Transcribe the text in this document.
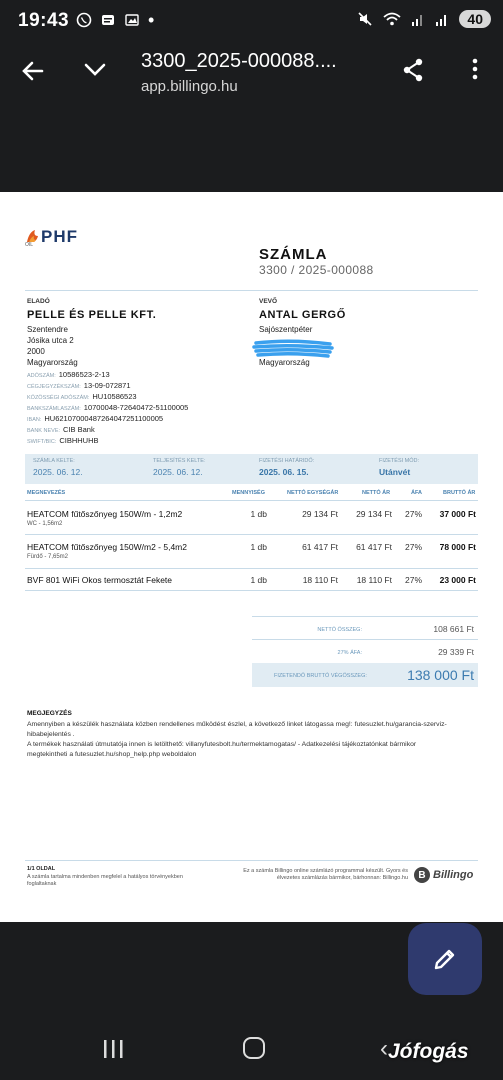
19:43	•	40
3300_2025-000088....
app.billingo.hu
PHF
OIL
SZÁMLA
3300 / 2025-000088
ELADÓ
PELLE ÉS PELLE KFT.
Szentendre
Jósika utca 2
2000
Magyarország
ADÓSZÁM: 10586523-2-13
CÉGJEGYZÉKSZÁM: 13-09-072871
KÖZÖSSÉGI ADÓSZÁM: HU10586523
BANKSZÁMLASZÁM: 10700048-72640472-51100005
IBAN: HU62107000487264047251100005
BANK NEVE: CIB Bank
SWIFT/BIC: CIBHHUHB
VEVŐ
ANTAL GERGŐ
Sajószentpéter
Magyarország
SZÁMLA KELTE:
2025. 06. 12.
TELJESÍTÉS KELTE:
2025. 06. 12.
FIZETÉSI HATÁRIDŐ:
2025. 06. 15.
FIZETÉSI MÓD:
Utánvét
MEGNEVEZÉS	MENNYISÉG	NETTÓ EGYSÉGÁR	NETTÓ ÁR	ÁFA	BRUTTÓ ÁR
HEATCOM fűtőszőnyeg 150W/m - 1,2m2
WC - 1,56m2
1 db	29 134 Ft	29 134 Ft	27%	37 000 Ft
HEATCOM fűtőszőnyeg 150W/m2 - 5,4m2
Fürdő - 7,65m2
1 db	61 417 Ft	61 417 Ft	27%	78 000 Ft
BVF 801 WiFi Okos termosztát Fekete	1 db	18 110 Ft	18 110 Ft	27%	23 000 Ft
NETTÓ ÖSSZEG:	108 661 Ft
27% ÁFA:	29 339 Ft
FIZETENDŐ BRUTTÓ VÉGÖSSZEG:	138 000 Ft
MEGJEGYZÉS
Amennyiben a készülék használata közben rendellenes működést észlel, a következő linket látogassa meg!: futesuzlet.hu/garancia-szerviz-
hibabejelentés .
A termékek használati útmutatója innen is letölthető: villanyfutesbolt.hu/termektamogatas/ - Adatkezelési tájékoztatónkat bármikor
megtekintheti a futesuzlet.hu/shop_help.php weboldalon
1/1 OLDAL
A számla tartalma mindenben megfelel a hatályos törvényekben foglaltaknak
Ez a számla Billingo online számlázó programmal készült. Gyors és élvezetes számlázás bármikor, bárhonnan: Billingo.hu	B Billingo
‹ Jófogás
